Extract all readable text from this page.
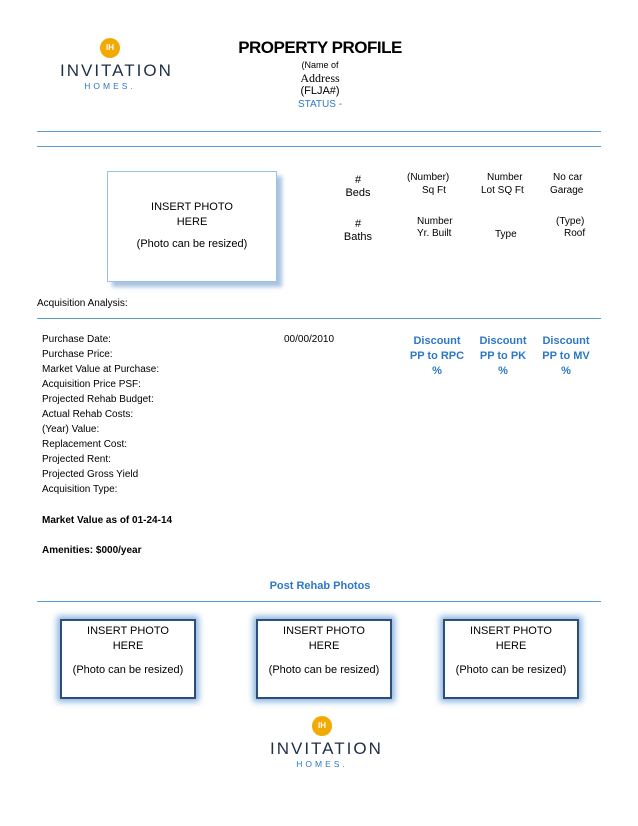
IH
INVITATION
HOMES.
PROPERTY PROFILE
(Name of
Address
(FLJA#)
STATUS -
INSERT PHOTO
HERE
(Photo can be resized)
#
Beds
#
Baths
(Number)
Sq Ft
Number
Lot SQ Ft
No car
Garage
Number
Yr. Built	Type
(Type)
Roof
Acquisition Analysis:
Purchase Date:
Purchase Price:
Market Value at Purchase:
Acquisition Price PSF:
Projected Rehab Budget:
Actual Rehab Costs:
(Year) Value:
Replacement Cost:
Projected Rent:
Projected Gross Yield
Acquisition Type:
00/00/2010	Discount
PP to RPC
%
Discount
PP to PK
%
Discount
PP to MV
%
Market Value as of 01-24-14
Amenities: $000/year
Post Rehab Photos
INSERT PHOTO
HERE
(Photo can be resized)
INSERT PHOTO
HERE
(Photo can be resized)
INSERT PHOTO
HERE
(Photo can be resized)
IH
INVITATION
HOMES.
